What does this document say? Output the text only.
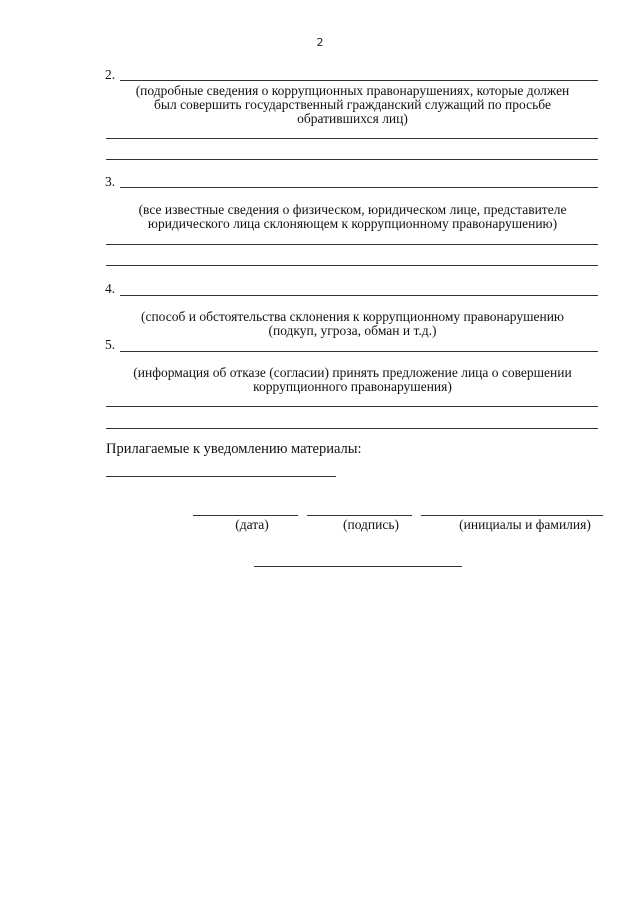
2
2.
(подробные сведения о коррупционных правонарушениях, которые должен
был совершить государственный гражданский служащий по просьбе
обратившихся лиц)
3.
(все известные сведения о физическом, юридическом лице, представителе
юридического лица склоняющем к коррупционному правонарушению)
4.
(способ и обстоятельства склонения к коррупционному правонарушению
(подкуп, угроза, обман и т.д.)
5.
(информация об отказе (согласии) принять предложение лица о совершении
коррупционного правонарушения)
Прилагаемые к уведомлению материалы:
(дата)	(подпись)	(инициалы и фамилия)
